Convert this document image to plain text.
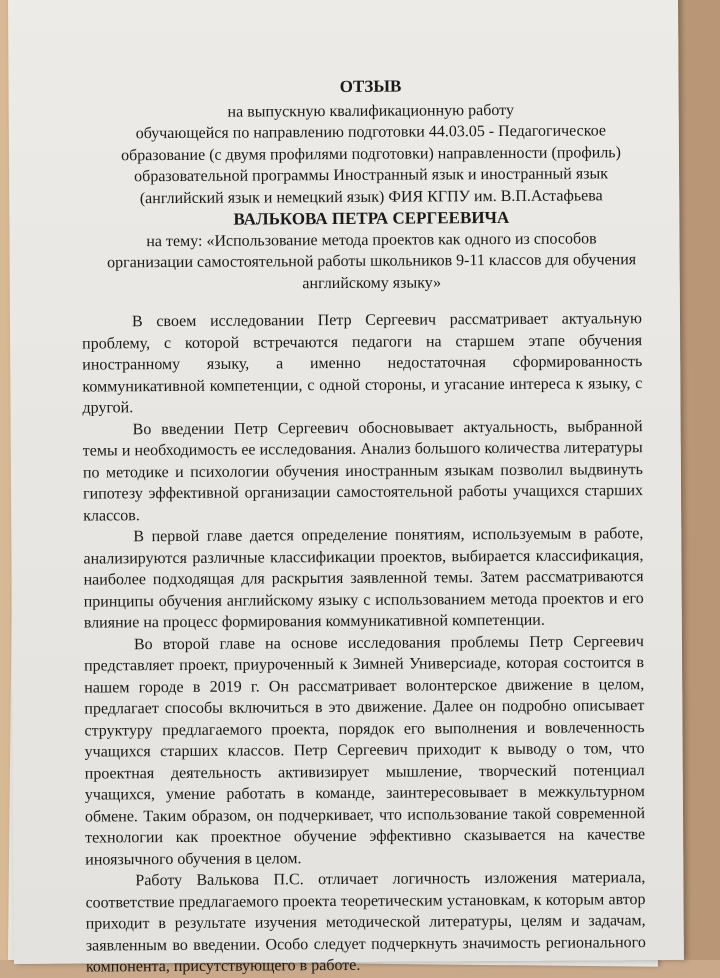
ОТЗЫВ

на выпускную квалификационную работу

обучающейся по направлению подготовки 44.03.05 - Педагогическое

образование (с двумя профилями подготовки) направленности (профиль)

образовательной программы Иностранный язык и иностранный язык

(английский язык и немецкий язык) ФИЯ КГПУ им. В.П.Астафьева

ВАЛЬКОВА ПЕТРА СЕРГЕЕВИЧА

на тему: «Использование метода проектов как одного из способов

организации самостоятельной работы школьников 9-11 классов для обучения

английскому языку»

В своем исследовании Петр Сергеевич рассматривает актуальную проблему, с которой встречаются педагоги на старшем этапе обучения иностранному языку, а именно недостаточная сформированность коммуникативной компетенции, с одной стороны, и угасание интереса к языку, с другой.

Во введении Петр Сергеевич обосновывает актуальность, выбранной темы и необходимость ее исследования. Анализ большого количества литературы по методике и психологии обучения иностранным языкам позволил выдвинуть гипотезу эффективной организации самостоятельной работы учащихся старших классов.

В первой главе дается определение понятиям, используемым в работе, анализируются различные классификации проектов, выбирается классификация, наиболее подходящая для раскрытия заявленной темы. Затем рассматриваются принципы обучения английскому языку с использованием метода проектов и его влияние на процесс формирования коммуникативной компетенции.

Во второй главе на основе исследования проблемы Петр Сергеевич представляет проект, приуроченный к Зимней Универсиаде, которая состоится в нашем городе в 2019 г. Он рассматривает волонтерское движение в целом, предлагает способы включиться в это движение. Далее он подробно описывает структуру предлагаемого проекта, порядок его выполнения и вовлеченность учащихся старших классов. Петр Сергеевич приходит к выводу о том, что проектная деятельность активизирует мышление, творческий потенциал учащихся, умение работать в команде, заинтересовывает в межкультурном обмене. Таким образом, он подчеркивает, что использование такой современной технологии как проектное обучение эффективно сказывается на качестве иноязычного обучения в целом.

Работу Валькова П.С. отличает логичность изложения материала, соответствие предлагаемого проекта теоретическим установкам, к которым автор приходит в результате изучения методической литературы, целям и задачам, заявленным во введении. Особо следует подчеркнуть значимость регионального компонента, присутствующего в работе.
